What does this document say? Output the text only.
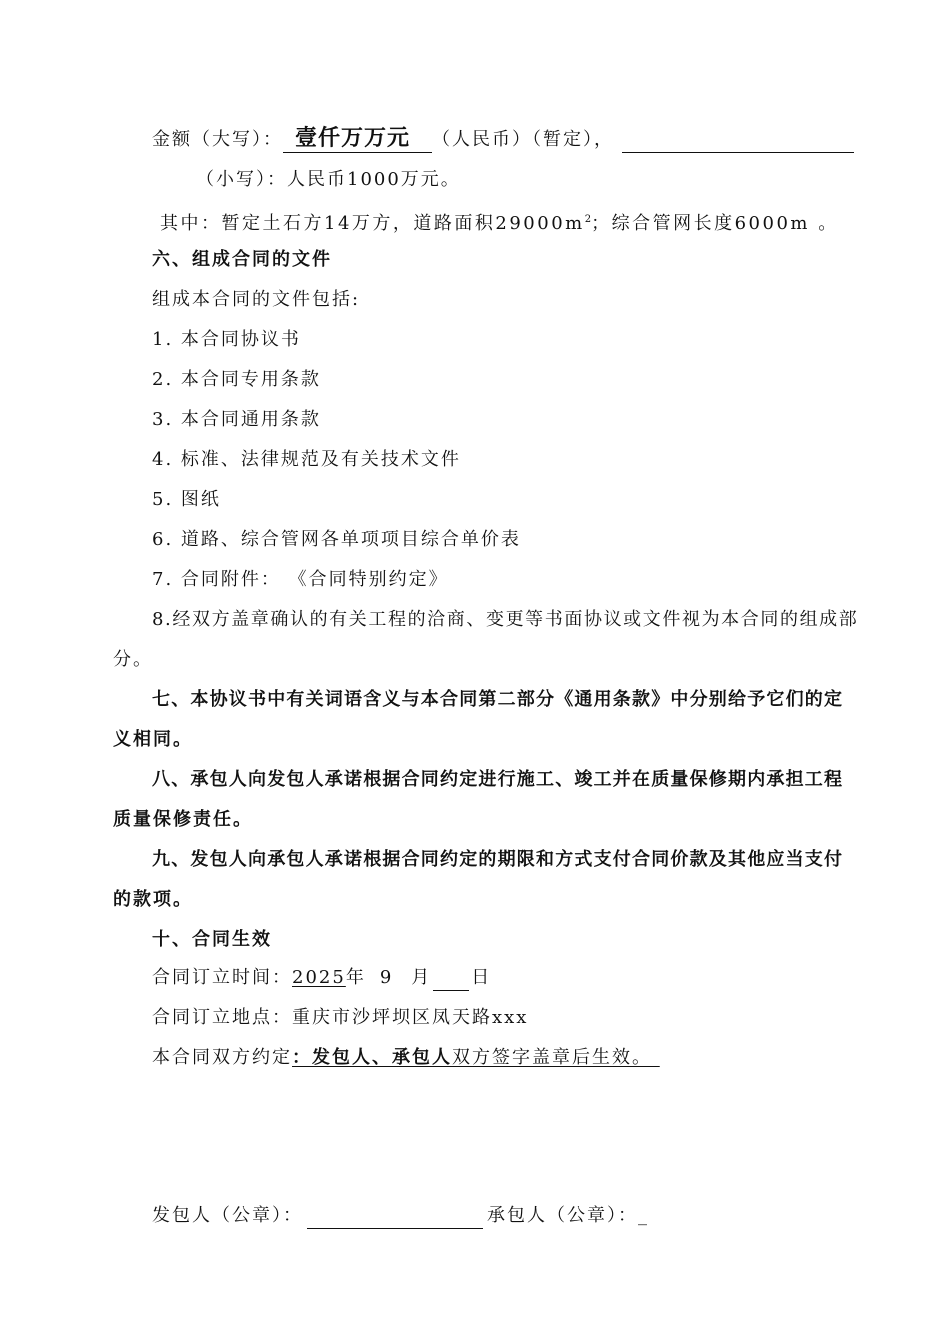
金额（大写）： 壹仟万万元 （人民币）（暂定），
（小写）：人民币1000万元。
其中：暂定土石方14万方，道路面积$29000m^2$；综合管网长度6000m 。
六、组成合同的文件
组成本合同的文件包括:
1. 本合同协议书
2. 本合同专用条款
3. 本合同通用条款
4. 标准、法律规范及有关技术文件
5. 图纸
6. 道路、综合管网各单项项目综合单价表
7. 合同附件： 《合同特别约定》
8.经双方盖章确认的有关工程的洽商、变更等书面协议或文件视为本合同的组成部
分。
七、本协议书中有关词语含义与本合同第二部分《通用条款》中分别给予它们的定
义相同。
八、承包人向发包人承诺根据合同约定进行施工、竣工并在质量保修期内承担工程
质量保修责任。
九、发包人向承包人承诺根据合同约定的期限和方式支付合同价款及其他应当支付
的款项。
十、合同生效
合同订立时间：2025年 9 月 日
合同订立地点：重庆市沙坪坝区凤天路xxx
本合同双方约定：发包人、承包人双方签字盖章后生效。
发包人（公章）：	承包人（公章）：_
